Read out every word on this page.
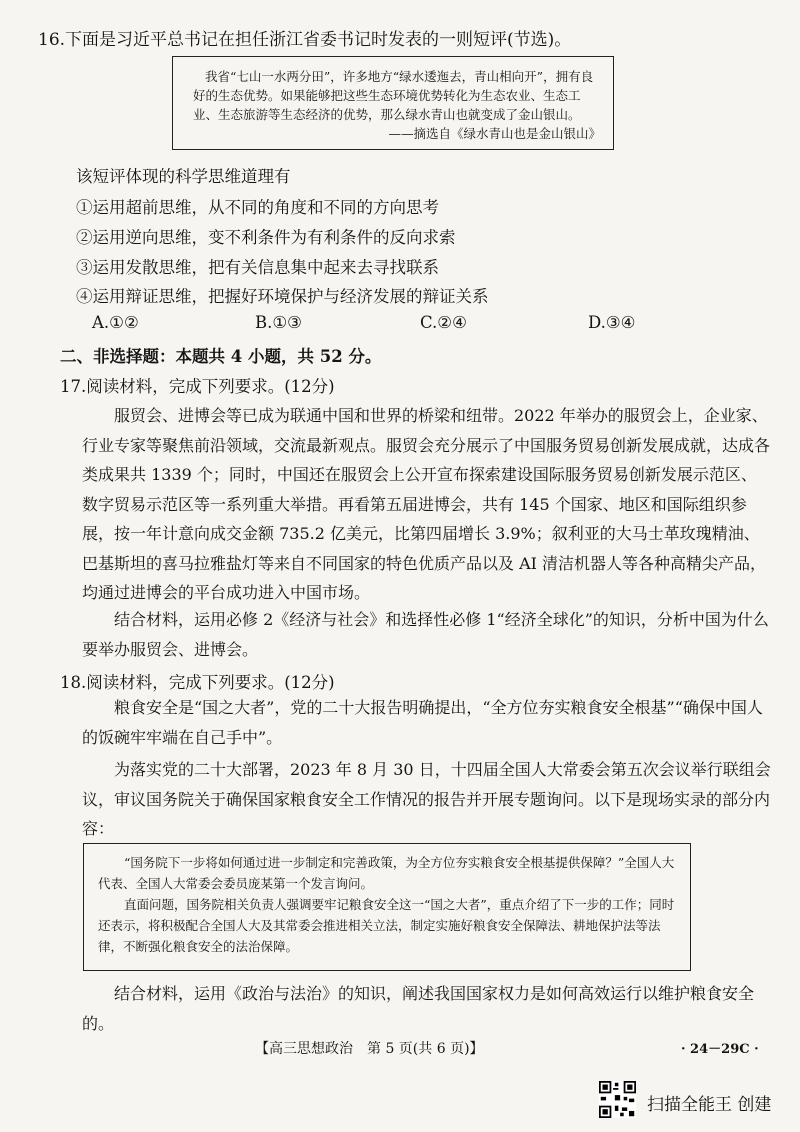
16.下面是习近平总书记在担任浙江省委书记时发表的一则短评(节选)。
我省“七山一水两分田”，许多地方“绿水逶迤去，青山相向开”，拥有良好的生态优势。如果能够把这些生态环境优势转化为生态农业、生态工业、生态旅游等生态经济的优势，那么绿水青山也就变成了金山银山。
——摘选自《绿水青山也是金山银山》
该短评体现的科学思维道理有
①运用超前思维，从不同的角度和不同的方向思考
②运用逆向思维，变不利条件为有利条件的反向求索
③运用发散思维，把有关信息集中起来去寻找联系
④运用辩证思维，把握好环境保护与经济发展的辩证关系
A.①②	B.①③	C.②④	D.③④
二、非选择题：本题共 4 小题，共 52 分。
17.阅读材料，完成下列要求。(12分)
服贸会、进博会等已成为联通中国和世界的桥梁和纽带。2022 年举办的服贸会上，企业家、行业专家等聚焦前沿领域，交流最新观点。服贸会充分展示了中国服务贸易创新发展成就，达成各类成果共 1339 个；同时，中国还在服贸会上公开宣布探索建设国际服务贸易创新发展示范区、数字贸易示范区等一系列重大举措。再看第五届进博会，共有 145 个国家、地区和国际组织参展，按一年计意向成交金额 735.2 亿美元，比第四届增长 3.9%；叙利亚的大马士革玫瑰精油、巴基斯坦的喜马拉雅盐灯等来自不同国家的特色优质产品以及 AI 清洁机器人等各种高精尖产品，均通过进博会的平台成功进入中国市场。
结合材料，运用必修 2《经济与社会》和选择性必修 1“经济全球化”的知识，分析中国为什么要举办服贸会、进博会。
18.阅读材料，完成下列要求。(12分)
粮食安全是“国之大者”，党的二十大报告明确提出，“全方位夯实粮食安全根基”“确保中国人的饭碗牢牢端在自己手中”。
为落实党的二十大部署，2023 年 8 月 30 日，十四届全国人大常委会第五次会议举行联组会议，审议国务院关于确保国家粮食安全工作情况的报告并开展专题询问。以下是现场实录的部分内容：
“国务院下一步将如何通过进一步制定和完善政策，为全方位夯实粮食安全根基提供保障？”全国人大代表、全国人大常委会委员庞某第一个发言询问。
直面问题，国务院相关负责人强调要牢记粮食安全这一“国之大者”，重点介绍了下一步的工作；同时还表示，将积极配合全国人大及其常委会推进相关立法，制定实施好粮食安全保障法、耕地保护法等法律，不断强化粮食安全的法治保障。
结合材料，运用《政治与法治》的知识，阐述我国国家权力是如何高效运行以维护粮食安全的。
【高三思想政治　第 5 页(共 6 页)】	· 24－29C ·
扫描全能王 创建
